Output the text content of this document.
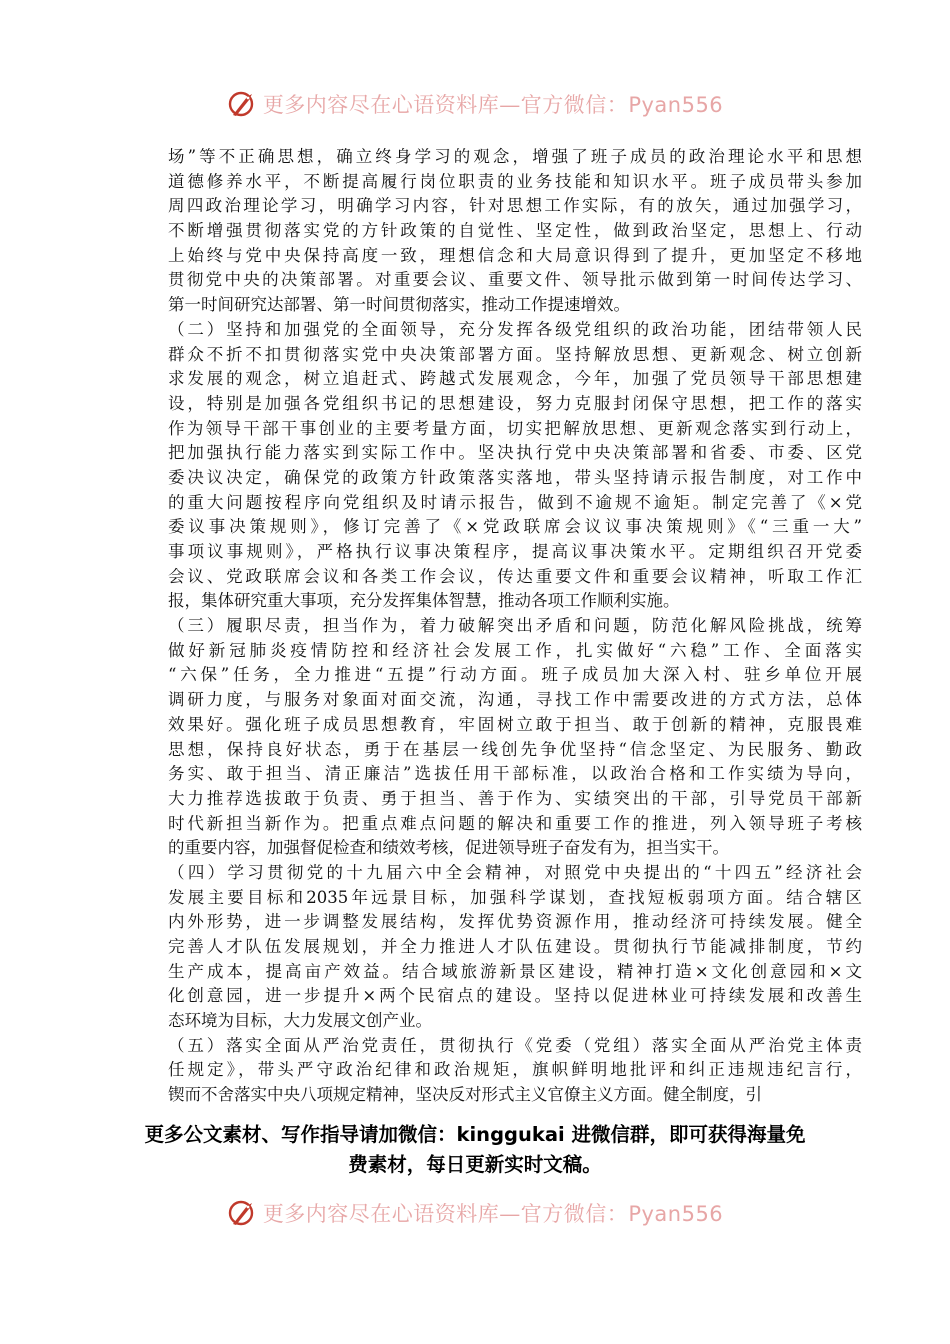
更多内容尽在心语资料库—官方微信：Pyan556
场”等不正确思想，确立终身学习的观念，增强了班子成员的政治理论水平和思想
道德修养水平，不断提高履行岗位职责的业务技能和知识水平。班子成员带头参加
周四政治理论学习，明确学习内容，针对思想工作实际，有的放矢，通过加强学习，
不断增强贯彻落实党的方针政策的自觉性、坚定性，做到政治坚定，思想上、行动
上始终与党中央保持高度一致，理想信念和大局意识得到了提升，更加坚定不移地
贯彻党中央的决策部署。对重要会议、重要文件、领导批示做到第一时间传达学习、
第一时间研究达部署、第一时间贯彻落实，推动工作提速增效。
（二）坚持和加强党的全面领导，充分发挥各级党组织的政治功能，团结带领人民
群众不折不扣贯彻落实党中央决策部署方面。坚持解放思想、更新观念、树立创新
求发展的观念，树立追赶式、跨越式发展观念，今年，加强了党员领导干部思想建
设，特别是加强各党组织书记的思想建设，努力克服封闭保守思想，把工作的落实
作为领导干部干事创业的主要考量方面，切实把解放思想、更新观念落实到行动上，
把加强执行能力落实到实际工作中。坚决执行党中央决策部署和省委、市委、区党
委决议决定，确保党的政策方针政策落实落地，带头坚持请示报告制度，对工作中
的重大问题按程序向党组织及时请示报告，做到不逾规不逾矩。制定完善了《×党
委议事决策规则》，修订完善了《×党政联席会议议事决策规则》《“三重一大”
事项议事规则》，严格执行议事决策程序，提高议事决策水平。定期组织召开党委
会议、党政联席会议和各类工作会议，传达重要文件和重要会议精神，听取工作汇
报，集体研究重大事项，充分发挥集体智慧，推动各项工作顺利实施。
（三）履职尽责，担当作为，着力破解突出矛盾和问题，防范化解风险挑战，统筹
做好新冠肺炎疫情防控和经济社会发展工作，扎实做好“六稳”工作、全面落实
“六保”任务，全力推进“五提”行动方面。班子成员加大深入村、驻乡单位开展
调研力度，与服务对象面对面交流，沟通，寻找工作中需要改进的方式方法，总体
效果好。强化班子成员思想教育，牢固树立敢于担当、敢于创新的精神，克服畏难
思想，保持良好状态，勇于在基层一线创先争优坚持“信念坚定、为民服务、勤政
务实、敢于担当、清正廉洁”选拔任用干部标准，以政治合格和工作实绩为导向，
大力推荐选拔敢于负责、勇于担当、善于作为、实绩突出的干部，引导党员干部新
时代新担当新作为。把重点难点问题的解决和重要工作的推进，列入领导班子考核
的重要内容，加强督促检查和绩效考核，促进领导班子奋发有为，担当实干。
（四）学习贯彻党的十九届六中全会精神，对照党中央提出的“十四五”经济社会
发展主要目标和2035年远景目标，加强科学谋划，查找短板弱项方面。结合辖区
内外形势，进一步调整发展结构，发挥优势资源作用，推动经济可持续发展。健全
完善人才队伍发展规划，并全力推进人才队伍建设。贯彻执行节能减排制度，节约
生产成本，提高亩产效益。结合域旅游新景区建设，精神打造×文化创意园和×文
化创意园，进一步提升×两个民宿点的建设。坚持以促进林业可持续发展和改善生
态环境为目标，大力发展文创产业。
（五）落实全面从严治党责任，贯彻执行《党委（党组）落实全面从严治党主体责
任规定》，带头严守政治纪律和政治规矩，旗帜鲜明地批评和纠正违规违纪言行，
锲而不舍落实中央八项规定精神，坚决反对形式主义官僚主义方面。健全制度，引
更多公文素材、写作指导请加微信：kinggukai 进微信群，即可获得海量免
费素材，每日更新实时文稿。
更多内容尽在心语资料库—官方微信：Pyan556
